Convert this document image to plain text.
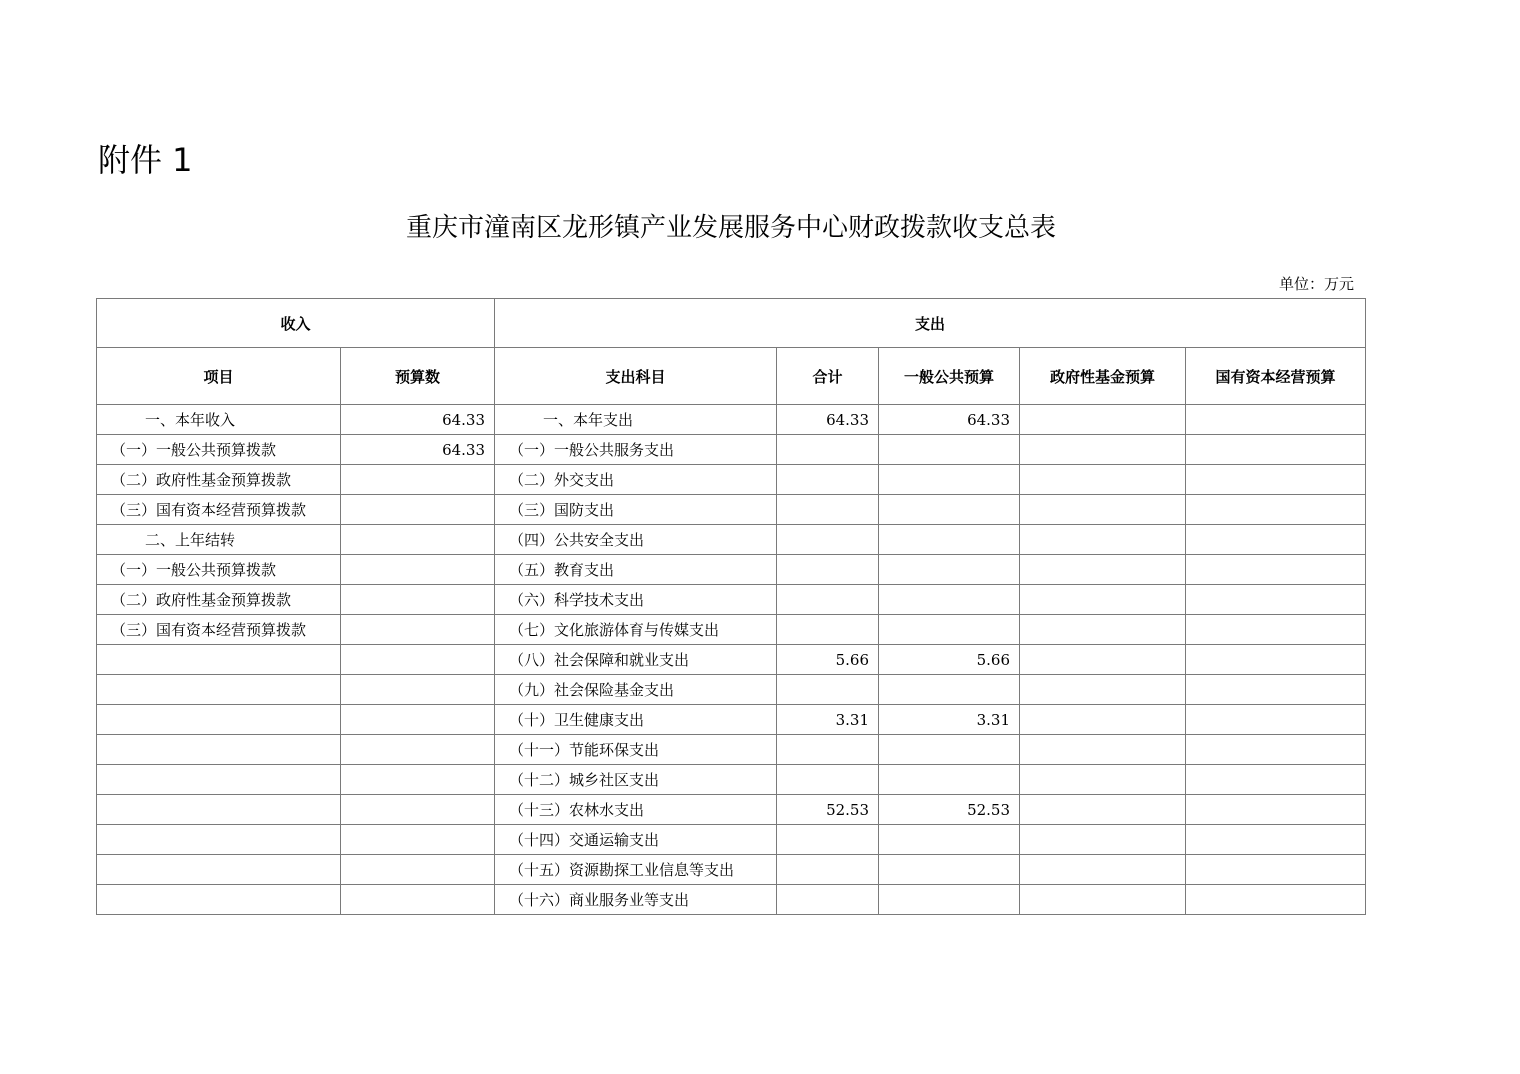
附件 1
重庆市潼南区龙形镇产业发展服务中心财政拨款收支总表
单位：万元
收入		支出				
项目	预算数	支出科目	合计	一般公共预算	政府性基金预算	国有资本经营预算
一、本年收入	64.33	一、本年支出	64.33	64.33		
（一）一般公共预算拨款	64.33	（一）一般公共服务支出				
（二）政府性基金预算拨款		（二）外交支出				
（三）国有资本经营预算拨款		（三）国防支出				
二、上年结转		（四）公共安全支出				
（一）一般公共预算拨款		（五）教育支出				
（二）政府性基金预算拨款		（六）科学技术支出				
（三）国有资本经营预算拨款		（七）文化旅游体育与传媒支出				
		（八）社会保障和就业支出	5.66	5.66		
		（九）社会保险基金支出				
		（十）卫生健康支出	3.31	3.31		
		（十一）节能环保支出				
		（十二）城乡社区支出				
		（十三）农林水支出	52.53	52.53		
		（十四）交通运输支出				
		（十五）资源勘探工业信息等支出				
		（十六）商业服务业等支出				
